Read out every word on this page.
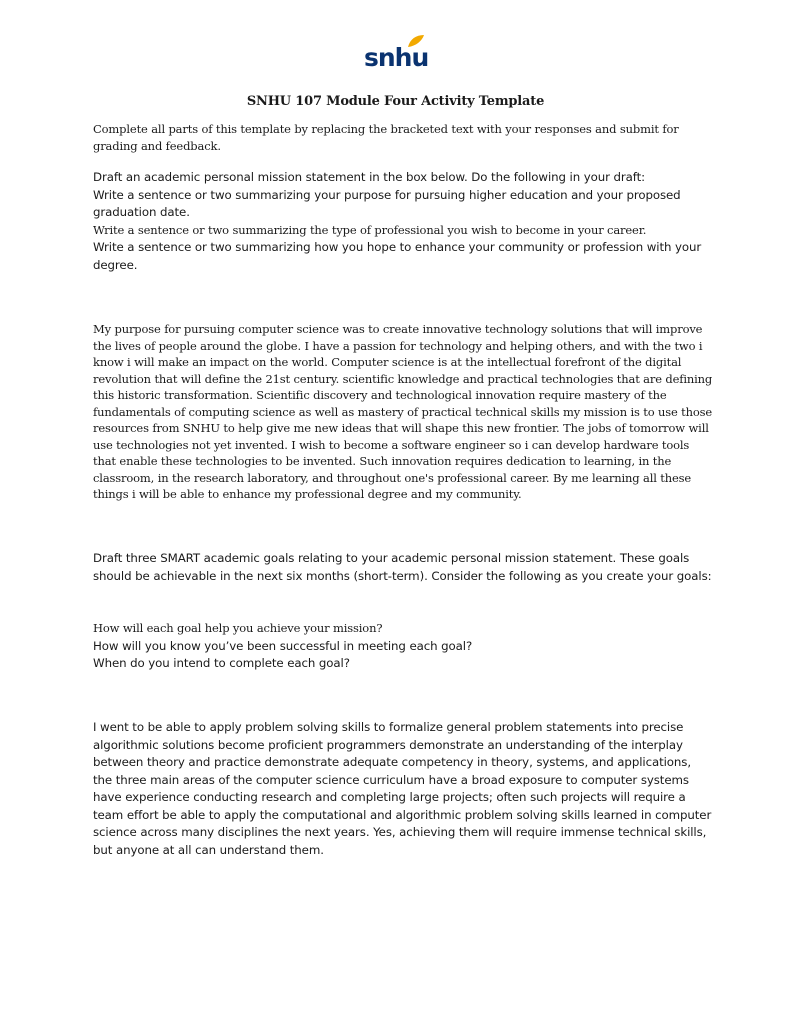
snhu
SNHU 107 Module Four Activity Template

Complete all parts of this template by replacing the bracketed text with your responses and submit for grading and feedback.

Draft an academic personal mission statement in the box below. Do the following in your draft:

Write a sentence or two summarizing your purpose for pursuing higher education and your proposed graduation date.

Write a sentence or two summarizing the type of professional you wish to become in your career.

Write a sentence or two summarizing how you hope to enhance your community or profession with your degree.

My purpose for pursuing computer science was to create innovative technology solutions that will improve the lives of people around the globe. I have a passion for technology and helping others, and with the two i know i will make an impact on the world. Computer science is at the intellectual forefront of the digital revolution that will define the 21st century. scientific knowledge and practical technologies that are defining this historic transformation. Scientific discovery and technological innovation require mastery of the fundamentals of computing science as well as mastery of practical technical skills my mission is to use those resources from SNHU to help give me new ideas that will shape this new frontier. The jobs of tomorrow will use technologies not yet invented. I wish to become a software engineer so i can develop hardware tools that enable these technologies to be invented. Such innovation requires dedication to learning, in the classroom, in the research laboratory, and throughout one's professional career. By me learning all these things i will be able to enhance my professional degree and my community.

Draft three SMART academic goals relating to your academic personal mission statement. These goals should be achievable in the next six months (short-term). Consider the following as you create your goals:

How will each goal help you achieve your mission?

How will you know you’ve been successful in meeting each goal?

When do you intend to complete each goal?

I went to be able to apply problem solving skills to formalize general problem statements into precise algorithmic solutions become proficient programmers demonstrate an understanding of the interplay between theory and practice demonstrate adequate competency in theory, systems, and applications, the three main areas of the computer science curriculum have a broad exposure to computer systems have experience conducting research and completing large projects; often such projects will require a team effort be able to apply the computational and algorithmic problem solving skills learned in computer science across many disciplines the next years. Yes, achieving them will require immense technical skills, but anyone at all can understand them.
